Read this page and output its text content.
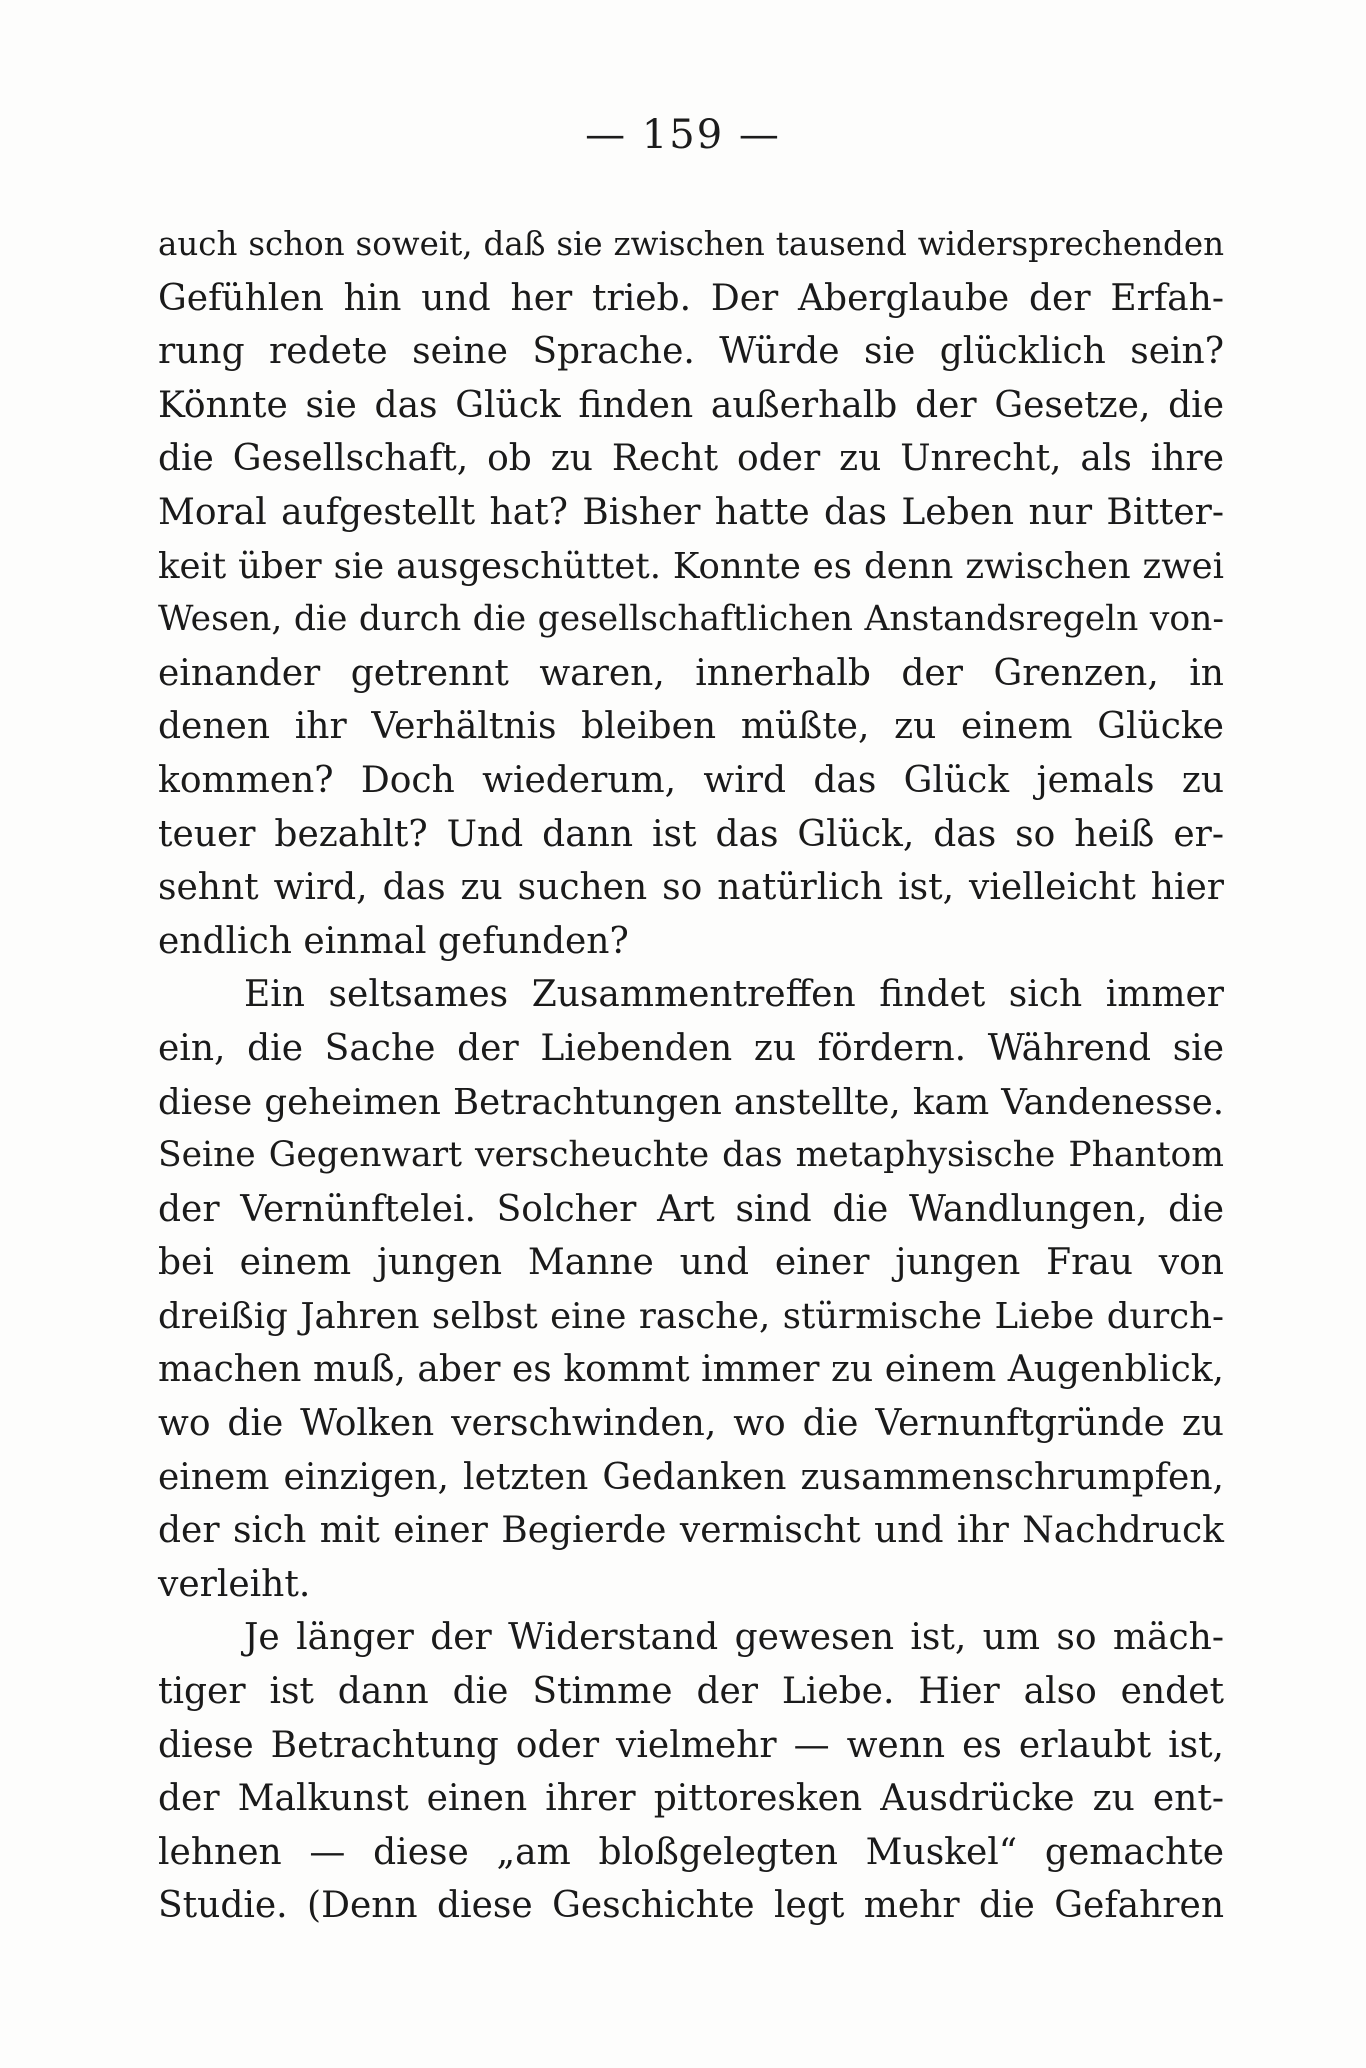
— 159 —
auch schon soweit, daß sie zwischen tausend widersprechenden
Gefühlen hin und her trieb. Der Aberglaube der Erfah-
rung redete seine Sprache. Würde sie glücklich sein?
Könnte sie das Glück finden außerhalb der Gesetze, die
die Gesellschaft, ob zu Recht oder zu Unrecht, als ihre
Moral aufgestellt hat? Bisher hatte das Leben nur Bitter-
keit über sie ausgeschüttet. Konnte es denn zwischen zwei
Wesen, die durch die gesellschaftlichen Anstandsregeln von-
einander getrennt waren, innerhalb der Grenzen, in
denen ihr Verhältnis bleiben müßte, zu einem Glücke
kommen? Doch wiederum, wird das Glück jemals zu
teuer bezahlt? Und dann ist das Glück, das so heiß er-
sehnt wird, das zu suchen so natürlich ist, vielleicht hier
endlich einmal gefunden?
Ein seltsames Zusammentreffen findet sich immer
ein, die Sache der Liebenden zu fördern. Während sie
diese geheimen Betrachtungen anstellte, kam Vandenesse.
Seine Gegenwart verscheuchte das metaphysische Phantom
der Vernünftelei. Solcher Art sind die Wandlungen, die
bei einem jungen Manne und einer jungen Frau von
dreißig Jahren selbst eine rasche, stürmische Liebe durch-
machen muß, aber es kommt immer zu einem Augenblick,
wo die Wolken verschwinden, wo die Vernunftgründe zu
einem einzigen, letzten Gedanken zusammenschrumpfen,
der sich mit einer Begierde vermischt und ihr Nachdruck
verleiht.
Je länger der Widerstand gewesen ist, um so mäch-
tiger ist dann die Stimme der Liebe. Hier also endet
diese Betrachtung oder vielmehr — wenn es erlaubt ist,
der Malkunst einen ihrer pittoresken Ausdrücke zu ent-
lehnen — diese „am bloßgelegten Muskel“ gemachte
Studie. (Denn diese Geschichte legt mehr die Gefahren
